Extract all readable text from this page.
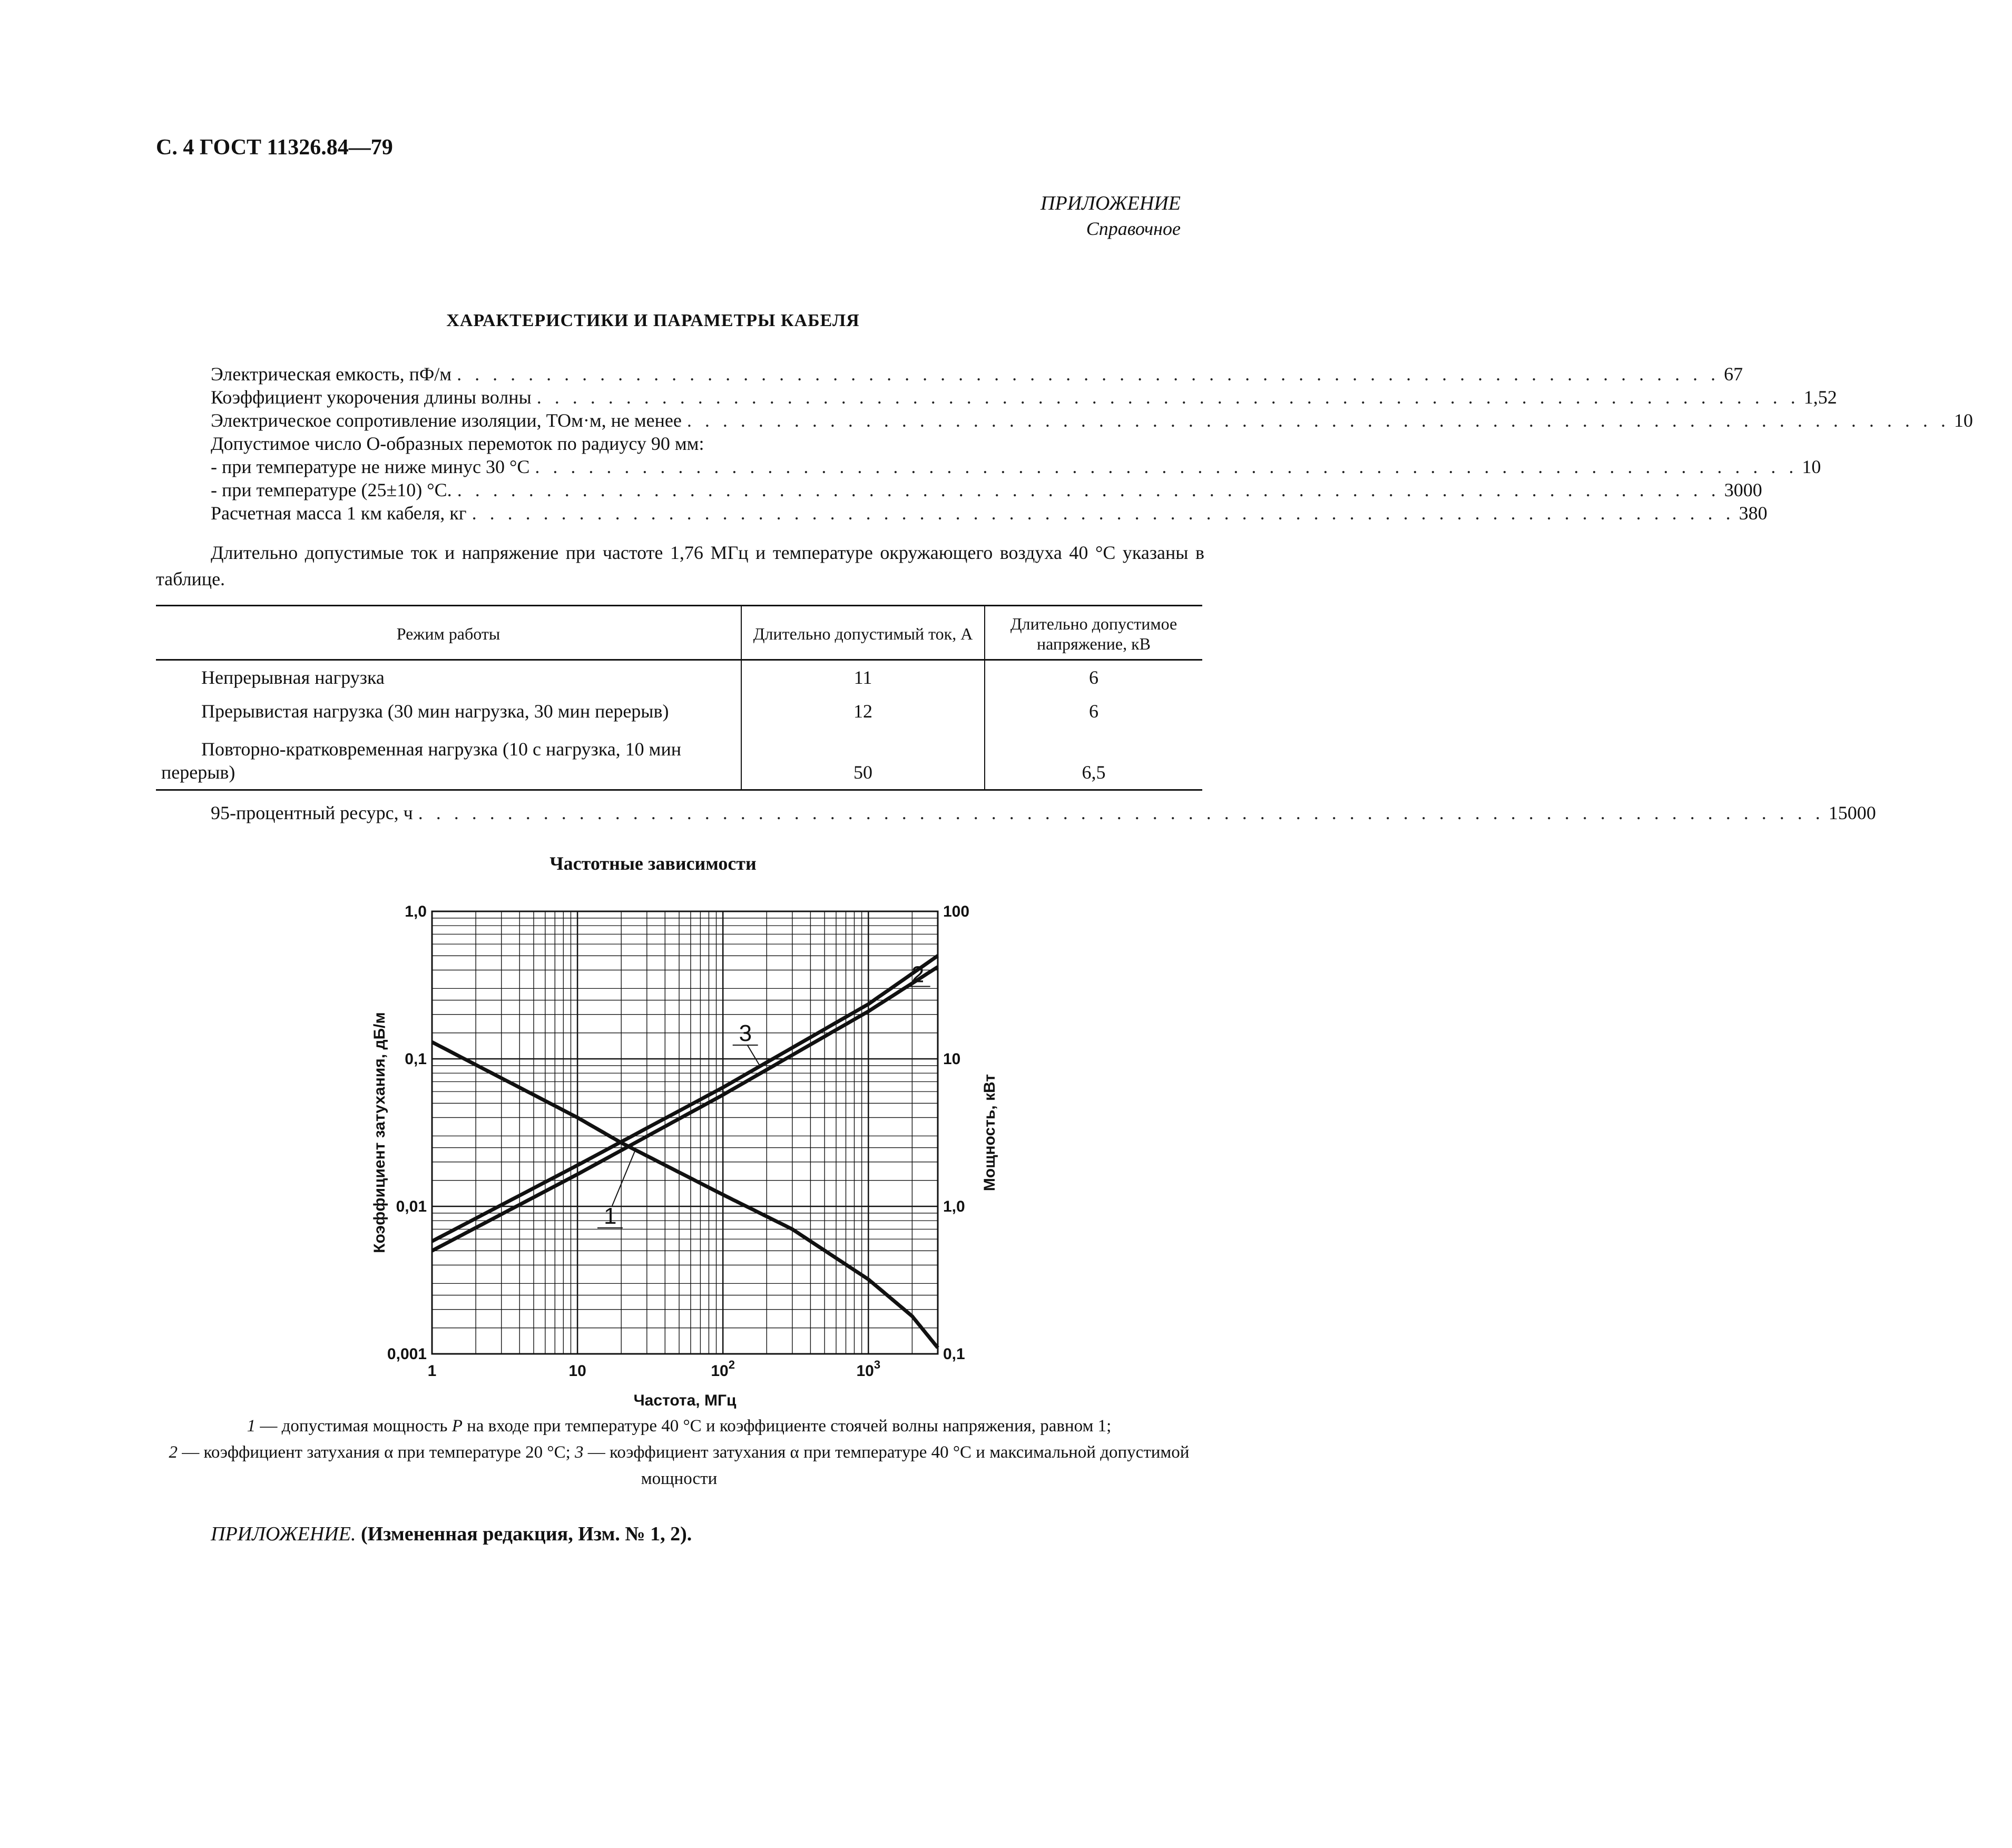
С. 4 ГОСТ 11326.84—79
ПРИЛОЖЕНИЕ
Справочное
ХАРАКТЕРИСТИКИ И ПАРАМЕТРЫ КАБЕЛЯ
Электрическая емкость, пФ/м . . . . . . . . . . . . . . . . . . . . . . . . . . . . . . . . . . . . . . . . . . . . . . . . . . . . . . . . . . . . . . . . . . . . . . . 67
Коэффициент укорочения длины волны . . . . . . . . . . . . . . . . . . . . . . . . . . . . . . . . . . . . . . . . . . . . . . . . . . . . . . . . . . . . . . . . . . . . . . . 1,52
Электрическое сопротивление изоляции, ТОм·м, не менее . . . . . . . . . . . . . . . . . . . . . . . . . . . . . . . . . . . . . . . . . . . . . . . . . . . . . . . . . . . . . . . . . . . . . . . 10
Допустимое число О-образных перемоток по радиусу 90 мм:
- при температуре не ниже минус 30 °С . . . . . . . . . . . . . . . . . . . . . . . . . . . . . . . . . . . . . . . . . . . . . . . . . . . . . . . . . . . . . . . . . . . . . . . 10
- при температуре (25±10) °С. . . . . . . . . . . . . . . . . . . . . . . . . . . . . . . . . . . . . . . . . . . . . . . . . . . . . . . . . . . . . . . . . . . . . . . . 3000
Расчетная масса 1 км кабеля, кг . . . . . . . . . . . . . . . . . . . . . . . . . . . . . . . . . . . . . . . . . . . . . . . . . . . . . . . . . . . . . . . . . . . . . . . 380
Длительно допустимые ток и напряжение при частоте 1,76 МГц и температуре окружающего воздуха 40 °С указаны в таблице.
Режим работы	Длительно допустимый ток, А	Длительно допустимое напряжение, кВ
Непрерывная нагрузка	11	6
Прерывистая нагрузка (30 мин нагрузка, 30 мин перерыв)	12	6
Повторно-кратковременная нагрузка (10 с нагрузка, 10 мин перерыв)	50	6,5
95-процентный ресурс, ч . . . . . . . . . . . . . . . . . . . . . . . . . . . . . . . . . . . . . . . . . . . . . . . . . . . . . . . . . . . . . . . . . . . . . . . . . . . . . . . 15000
Частотные зависимости
0,001
0,01
0,1
1,0
0,1
1,0
10
100
1	10	$10^2$	$10^3$
1
2
3
Частота, МГц
Коэффициент затухания, дБ/м	Мощность, кВт
1 — допустимая мощность P на входе при температуре 40 °С и коэффициенте стоячей волны напряжения, равном 1;
2 — коэффициент затухания α при температуре 20 °С; 3 — коэффициент затухания α при температуре 40 °С и максимальной допустимой мощности
ПРИЛОЖЕНИЕ. (Измененная редакция, Изм. № 1, 2).
